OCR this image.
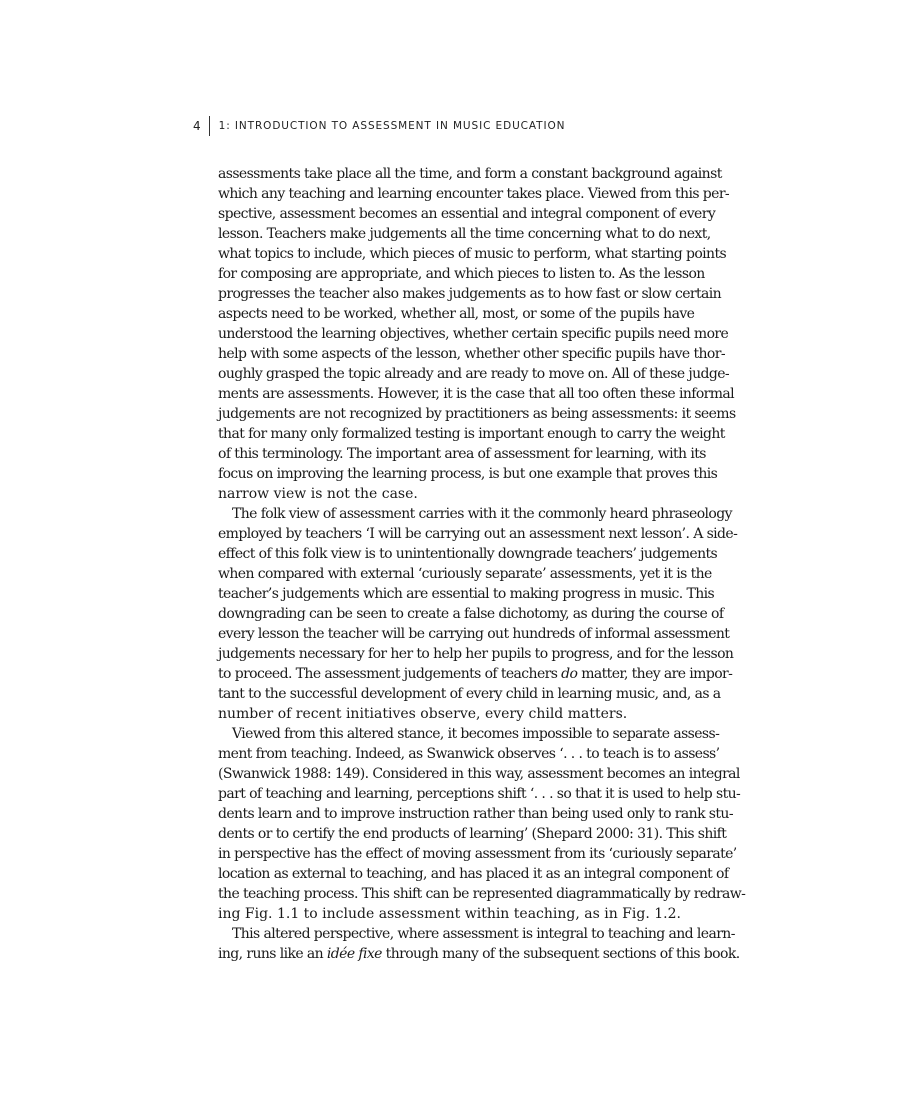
4	1: INTRODUCTION TO ASSESSMENT IN MUSIC EDUCATION
assessments take place all the time, and form a constant background against
which any teaching and learning encounter takes place. Viewed from this per-
spective, assessment becomes an essential and integral component of every
lesson. Teachers make judgements all the time concerning what to do next,
what topics to include, which pieces of music to perform, what starting points
for composing are appropriate, and which pieces to listen to. As the lesson
progresses the teacher also makes judgements as to how fast or slow certain
aspects need to be worked, whether all, most, or some of the pupils have
understood the learning objectives, whether certain specific pupils need more
help with some aspects of the lesson, whether other specific pupils have thor-
oughly grasped the topic already and are ready to move on. All of these judge-
ments are assessments. However, it is the case that all too often these informal
judgements are not recognized by practitioners as being assessments: it seems
that for many only formalized testing is important enough to carry the weight
of this terminology. The important area of assessment for learning, with its
focus on improving the learning process, is but one example that proves this
narrow view is not the case.
The folk view of assessment carries with it the commonly heard phraseology
employed by teachers ‘I will be carrying out an assessment next lesson’. A side-
effect of this folk view is to unintentionally downgrade teachers’ judgements
when compared with external ‘curiously separate’ assessments, yet it is the
teacher’s judgements which are essential to making progress in music. This
downgrading can be seen to create a false dichotomy, as during the course of
every lesson the teacher will be carrying out hundreds of informal assessment
judgements necessary for her to help her pupils to progress, and for the lesson
to proceed. The assessment judgements of teachers do matter, they are impor-
tant to the successful development of every child in learning music, and, as a
number of recent initiatives observe, every child matters.
Viewed from this altered stance, it becomes impossible to separate assess-
ment from teaching. Indeed, as Swanwick observes ‘. . . to teach is to assess’
(Swanwick 1988: 149). Considered in this way, assessment becomes an integral
part of teaching and learning, perceptions shift ‘. . . so that it is used to help stu-
dents learn and to improve instruction rather than being used only to rank stu-
dents or to certify the end products of learning’ (Shepard 2000: 31). This shift
in perspective has the effect of moving assessment from its ‘curiously separate’
location as external to teaching, and has placed it as an integral component of
the teaching process. This shift can be represented diagrammatically by redraw-
ing Fig. 1.1 to include assessment within teaching, as in Fig. 1.2.
This altered perspective, where assessment is integral to teaching and learn-
ing, runs like an idée fixe through many of the subsequent sections of this book.
